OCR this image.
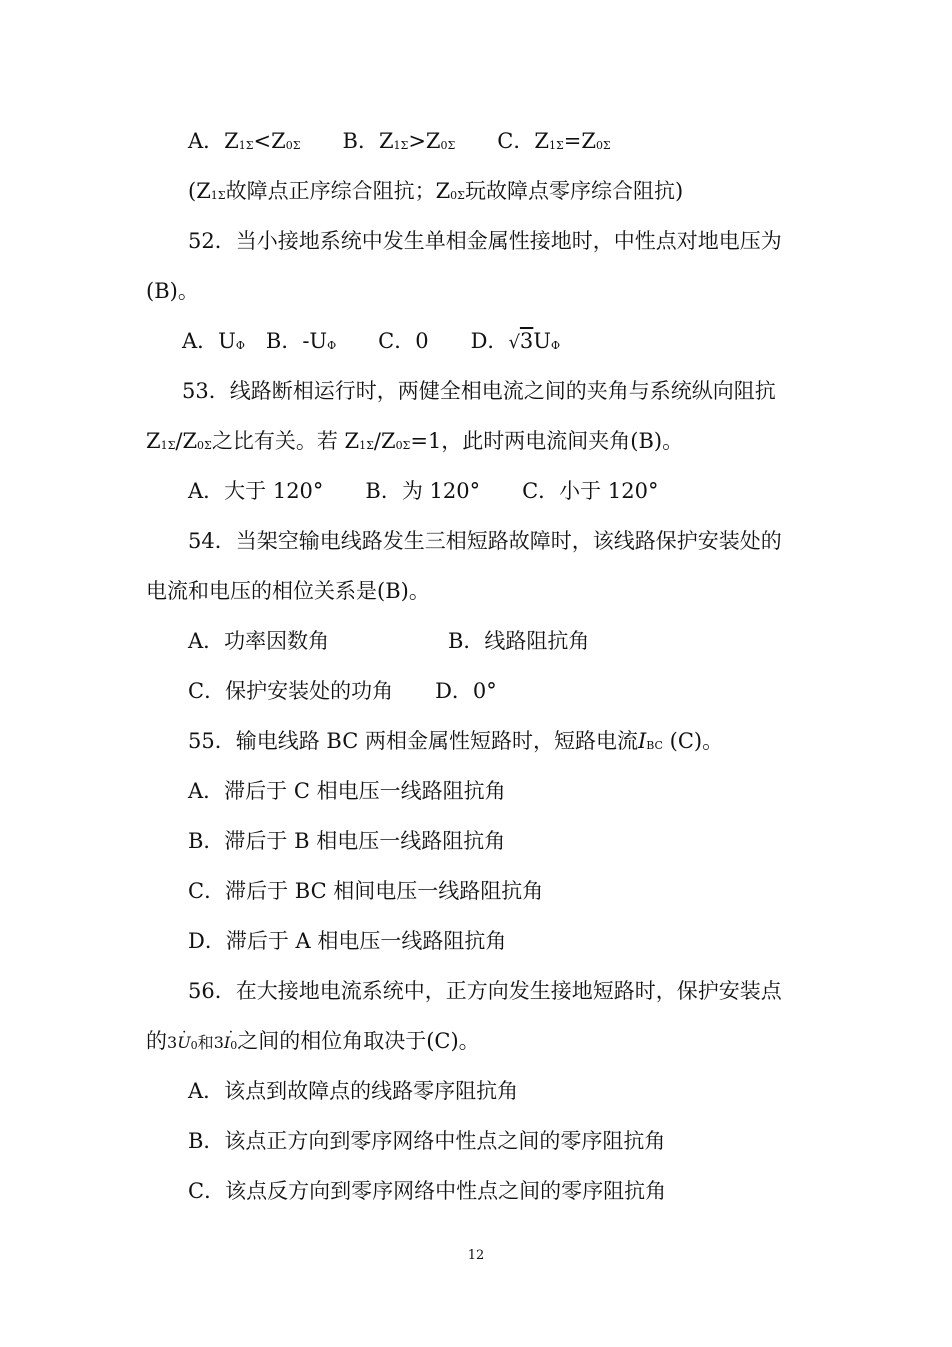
A．$Z_{1\Sigma}<Z_{0\Sigma}$　　B．$Z_{1\Sigma}>Z_{0\Sigma}$　　C．$Z_{1\Sigma}=Z_{0\Sigma}$
($Z_{1\Sigma}$故障点正序综合阻抗；$Z_{0\Sigma}$玩故障点零序综合阻抗)
52．当小接地系统中发生单相金属性接地时，中性点对地电压为
(B)。
A．$U_\Phi$　B．$-U_\Phi$　　C．0　　D．$√3U_\Phi$
53．线路断相运行时，两健全相电流之间的夹角与系统纵向阻抗
$Z_{1\Sigma}/Z_{0\Sigma}$之比有关。若 $Z_{1\Sigma}/Z_{0\Sigma}=1$，此时两电流间夹角(B)。
A．大于 120°　　B．为 120°　　C．小于 120°
54．当架空输电线路发生三相短路故障时，该线路保护安装处的
电流和电压的相位关系是(B)。
A．功率因数角	B．线路阻抗角
C．保护安装处的功角　　D．0°
55．输电线路 BC 两相金属性短路时，短路电流IBC (C)。
A．滞后于 C 相电压一线路阻抗角
B．滞后于 B 相电压一线路阻抗角
C．滞后于 BC 相间电压一线路阻抗角
D．滞后于 A 相电压一线路阻抗角
56．在大接地电流系统中，正方向发生接地短路时，保护安装点
的3˙ $U_0$和3˙ $I_0$之间的相位角取决于(C)。
A．该点到故障点的线路零序阻抗角
B．该点正方向到零序网络中性点之间的零序阻抗角
C．该点反方向到零序网络中性点之间的零序阻抗角
12
